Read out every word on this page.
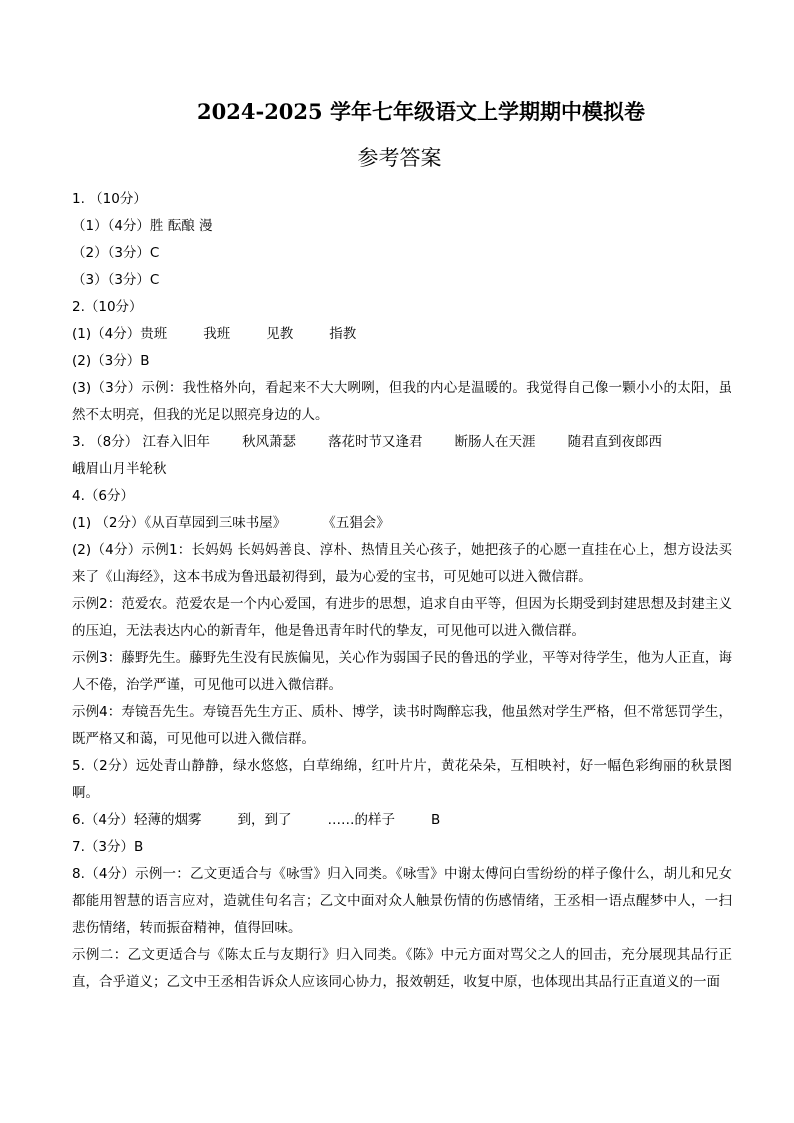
2024-2025 学年七年级语文上学期期中模拟卷
参考答案
1. （10分）
（1）（4分）胜 酝酿 漫
（2）（3分）C
（3）（3分）C
2.（10分）
(1)（4分）贵班	我班	见教	指教
(2)（3分）B
(3)（3分）示例：我性格外向，看起来不大大咧咧，但我的内心是温暖的。我觉得自己像一颗小小的太阳，虽然不太明亮，但我的光足以照亮身边的人。
3. （8分） 江春入旧年 秋风萧瑟 落花时节又逢君 断肠人在天涯 随君直到夜郎西
峨眉山月半轮秋
4.（6分）
(1) （2分）《从百草园到三味书屋》	《五猖会》
(2)（4分）示例1：长妈妈 长妈妈善良、淳朴、热情且关心孩子，她把孩子的心愿一直挂在心上，想方设法买来了《山海经》，这本书成为鲁迅最初得到，最为心爱的宝书，可见她可以进入微信群。
示例2：范爱农。范爱农是一个内心爱国，有进步的思想，追求自由平等，但因为长期受到封建思想及封建主义的压迫，无法表达内心的新青年，他是鲁迅青年时代的挚友，可见他可以进入微信群。
示例3：藤野先生。藤野先生没有民族偏见，关心作为弱国子民的鲁迅的学业，平等对待学生，他为人正直，诲人不倦，治学严谨，可见他可以进入微信群。
示例4：寿镜吾先生。寿镜吾先生方正、质朴、博学，读书时陶醉忘我，他虽然对学生严格，但不常惩罚学生，既严格又和蔼，可见他可以进入微信群。
5.（2分）远处青山静静，绿水悠悠，白草绵绵，红叶片片，黄花朵朵，互相映衬，好一幅色彩绚丽的秋景图啊。
6.（4分）轻薄的烟雾	到，到了	……的样子	B
7.（3分）B
8.（4分）示例一：乙文更适合与《咏雪》归入同类。《咏雪》中谢太傅问白雪纷纷的样子像什么，胡儿和兄女都能用智慧的语言应对，造就佳句名言；乙文中面对众人触景伤情的伤感情绪，王丞相一语点醒梦中人，一扫悲伤情绪，转而振奋精神，值得回味。
示例二：乙文更适合与《陈太丘与友期行》归入同类。《陈》中元方面对骂父之人的回击，充分展现其品行正直，合乎道义；乙文中王丞相告诉众人应该同心协力，报效朝廷，收复中原，也体现出其品行正直道义的一面
